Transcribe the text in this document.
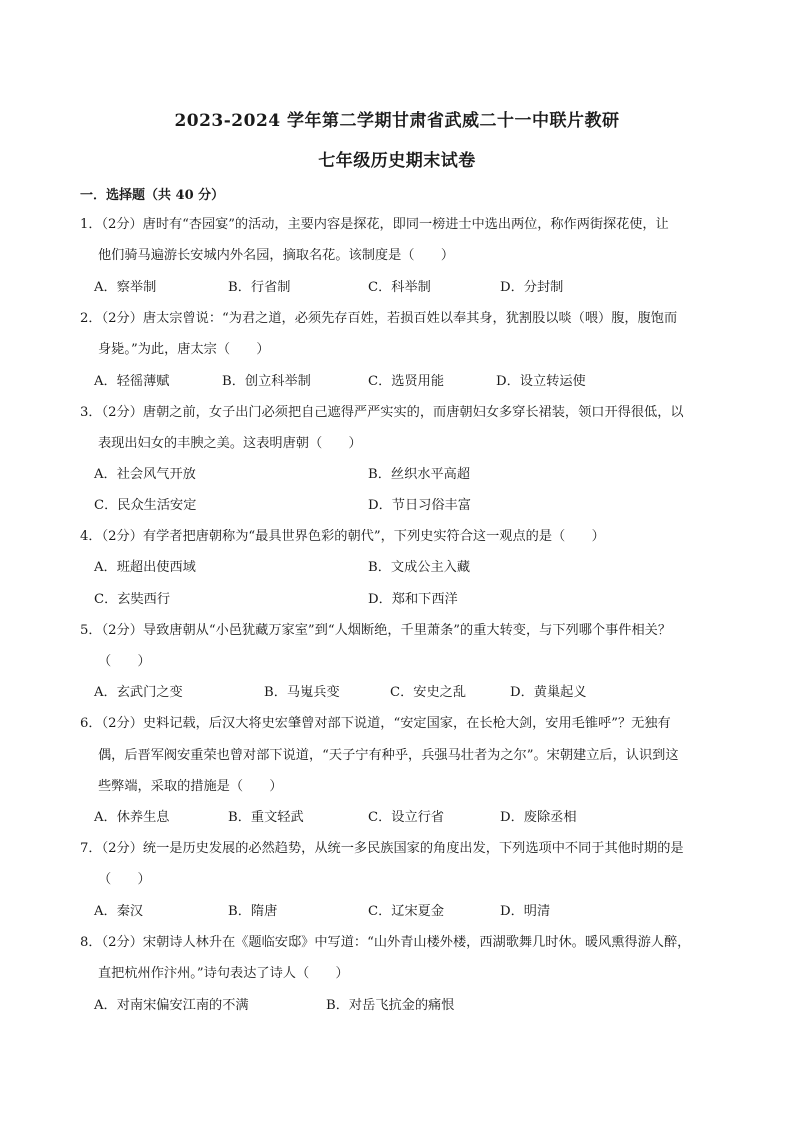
2023-2024 学年第二学期甘肃省武威二十一中联片教研
七年级历史期末试卷
一．选择题（共 40 分）
1．（2分）唐时有“杏园宴”的活动，主要内容是探花，即同一榜进士中选出两位，称作两街探花使，让
他们骑马遍游长安城内外名园，摘取名花。该制度是（　　）
A．察举制	B．行省制	C．科举制	D．分封制
2．（2分）唐太宗曾说：“为君之道，必须先存百姓，若损百姓以奉其身，犹割股以啖（喂）腹，腹饱而
身毙。”为此，唐太宗（　　）
A．轻徭薄赋	B．创立科举制	C．选贤用能	D．设立转运使
3．（2分）唐朝之前，女子出门必须把自己遮得严严实实的，而唐朝妇女多穿长裙装，领口开得很低，以
表现出妇女的丰腴之美。这表明唐朝（　　）
A．社会风气开放	B．丝织水平高超
C．民众生活安定	D．节日习俗丰富
4．（2分）有学者把唐朝称为“最具世界色彩的朝代”，下列史实符合这一观点的是（　　）
A．班超出使西域	B．文成公主入藏
C．玄奘西行	D．郑和下西洋
5．（2分）导致唐朝从“小邑犹藏万家室”到“人烟断绝，千里萧条”的重大转变，与下列哪个事件相关？
（　　）
A．玄武门之变	B．马嵬兵变	C．安史之乱	D．黄巢起义
6．（2分）史料记载，后汉大将史宏肇曾对部下说道，“安定国家，在长枪大剑，安用毛锥呼”？无独有
偶，后晋军阀安重荣也曾对部下说道，“天子宁有种乎，兵强马壮者为之尔”。宋朝建立后，认识到这
些弊端，采取的措施是（　　）
A．休养生息	B．重文轻武	C．设立行省	D．废除丞相
7．（2分）统一是历史发展的必然趋势，从统一多民族国家的角度出发，下列选项中不同于其他时期的是
（　　）
A．秦汉	B．隋唐	C．辽宋夏金	D．明清
8．（2分）宋朝诗人林升在《题临安邸》中写道：“山外青山楼外楼，西湖歌舞几时休。暖风熏得游人醉，
直把杭州作汴州。”诗句表达了诗人（　　）
A．对南宋偏安江南的不满	B．对岳飞抗金的痛恨
